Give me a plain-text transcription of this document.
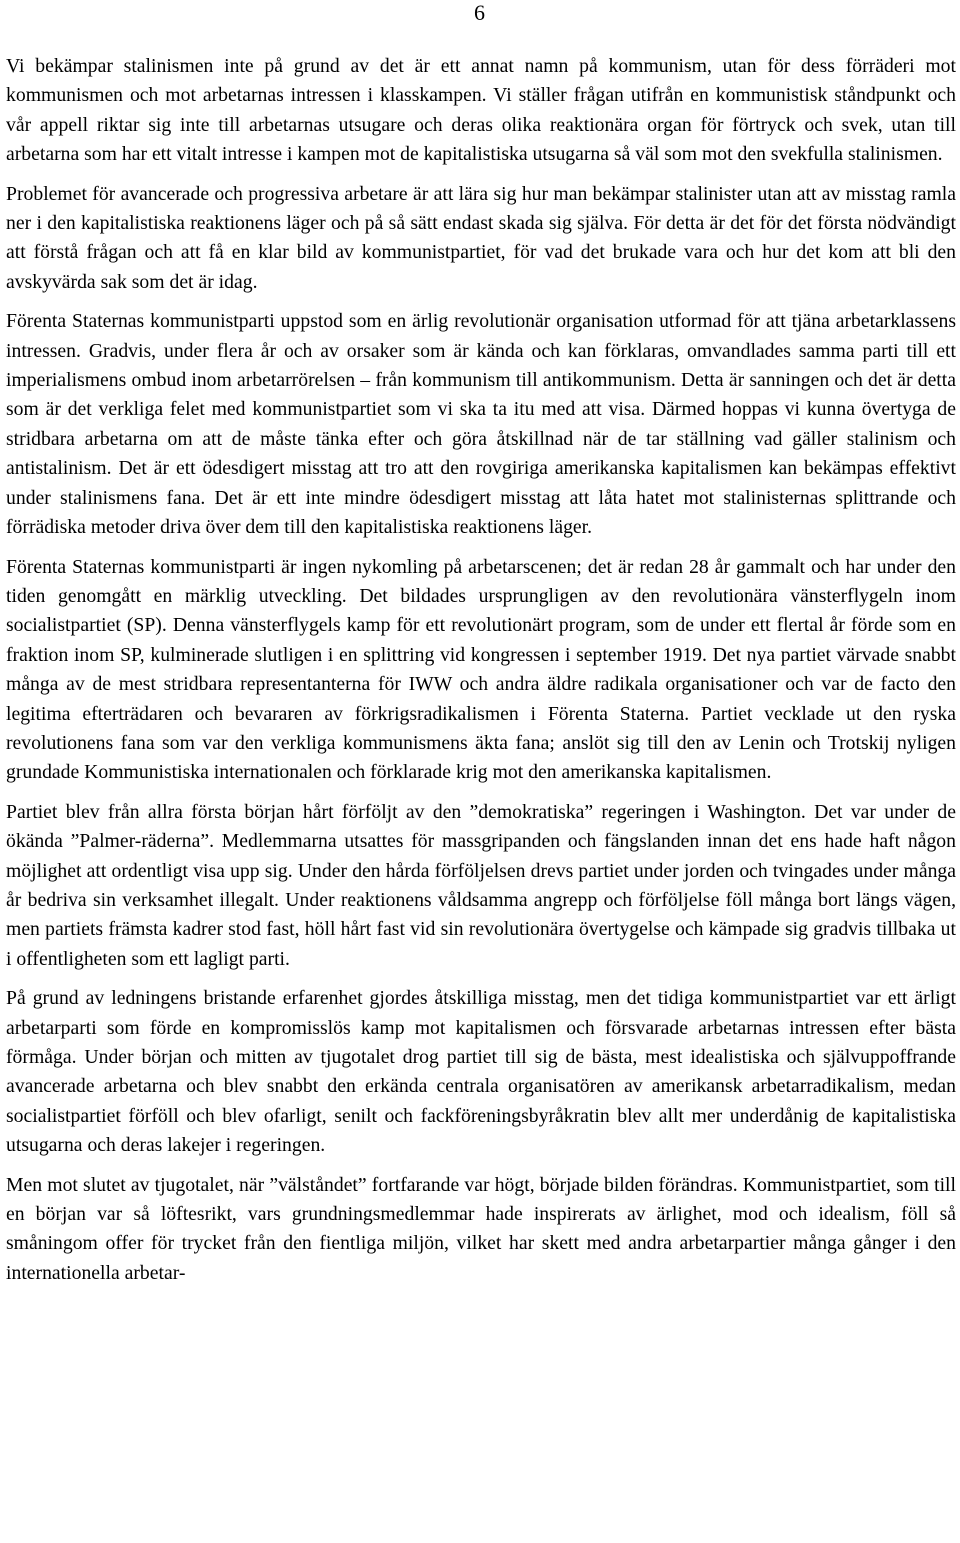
6

Vi bekämpar stalinismen inte på grund av det är ett annat namn på kommunism, utan för dess förräderi mot kommunismen och mot arbetarnas intressen i klasskampen. Vi ställer frågan utifrån en kommunistisk ståndpunkt och vår appell riktar sig inte till arbetarnas utsugare och deras olika reaktionära organ för förtryck och svek, utan till arbetarna som har ett vitalt intresse i kampen mot de kapitalistiska utsugarna så väl som mot den svekfulla stalinismen.

Problemet för avancerade och progressiva arbetare är att lära sig hur man bekämpar stalinister utan att av misstag ramla ner i den kapitalistiska reaktionens läger och på så sätt endast skada sig själva. För detta är det för det första nödvändigt att förstå frågan och att få en klar bild av kommunistpartiet, för vad det brukade vara och hur det kom att bli den avskyvärda sak som det är idag.

Förenta Staternas kommunistparti uppstod som en ärlig revolutionär organisation utformad för att tjäna arbetarklassens intressen. Gradvis, under flera år och av orsaker som är kända och kan förklaras, omvandlades samma parti till ett imperialismens ombud inom arbetarrörelsen – från kommunism till antikommunism. Detta är sanningen och det är detta som är det verkliga felet med kommunistpartiet som vi ska ta itu med att visa. Därmed hoppas vi kunna övertyga de stridbara arbetarna om att de måste tänka efter och göra åtskillnad när de tar ställning vad gäller stalinism och antistalinism. Det är ett ödesdigert misstag att tro att den rovgiriga amerikanska kapitalismen kan bekämpas effektivt under stalinismens fana. Det är ett inte mindre ödesdigert misstag att låta hatet mot stalinisternas splittrande och förrädiska metoder driva över dem till den kapitalistiska reaktionens läger.

Förenta Staternas kommunistparti är ingen nykomling på arbetarscenen; det är redan 28 år gammalt och har under den tiden genomgått en märklig utveckling. Det bildades ursprungligen av den revolutionära vänsterflygeln inom socialistpartiet (SP). Denna vänsterflygels kamp för ett revolutionärt program, som de under ett flertal år förde som en fraktion inom SP, kulminerade slutligen i en splittring vid kongressen i september 1919. Det nya partiet värvade snabbt många av de mest stridbara representanterna för IWW och andra äldre radikala organisationer och var de facto den legitima efterträdaren och bevararen av förkrigsradikalismen i Förenta Staterna. Partiet vecklade ut den ryska revolutionens fana som var den verkliga kommunismens äkta fana; anslöt sig till den av Lenin och Trotskij nyligen grundade Kommunistiska internationalen och förklarade krig mot den amerikanska kapitalismen.

Partiet blev från allra första början hårt förföljt av den ”demokratiska” regeringen i Washington. Det var under de ökända ”Palmer-räderna”. Medlemmarna utsattes för massgripanden och fängslanden innan det ens hade haft någon möjlighet att ordentligt visa upp sig. Under den hårda förföljelsen drevs partiet under jorden och tvingades under många år bedriva sin verksamhet illegalt. Under reaktionens våldsamma angrepp och förföljelse föll många bort längs vägen, men partiets främsta kadrer stod fast, höll hårt fast vid sin revolutionära övertygelse och kämpade sig gradvis tillbaka ut i offentligheten som ett lagligt parti.

På grund av ledningens bristande erfarenhet gjordes åtskilliga misstag, men det tidiga kommunistpartiet var ett ärligt arbetarparti som förde en kompromisslös kamp mot kapitalismen och försvarade arbetarnas intressen efter bästa förmåga. Under början och mitten av tjugotalet drog partiet till sig de bästa, mest idealistiska och självuppoffrande avancerade arbetarna och blev snabbt den erkända centrala organisatören av amerikansk arbetarradikalism, medan socialistpartiet förföll och blev ofarligt, senilt och fackföreningsbyråkratin blev allt mer underdånig de kapitalistiska utsugarna och deras lakejer i regeringen.

Men mot slutet av tjugotalet, när ”välståndet” fortfarande var högt, började bilden förändras. Kommunistpartiet, som till en början var så löftesrikt, vars grundningsmedlemmar hade inspirerats av ärlighet, mod och idealism, föll så småningom offer för trycket från den fientliga miljön, vilket har skett med andra arbetarpartier många gånger i den internationella arbetar-
